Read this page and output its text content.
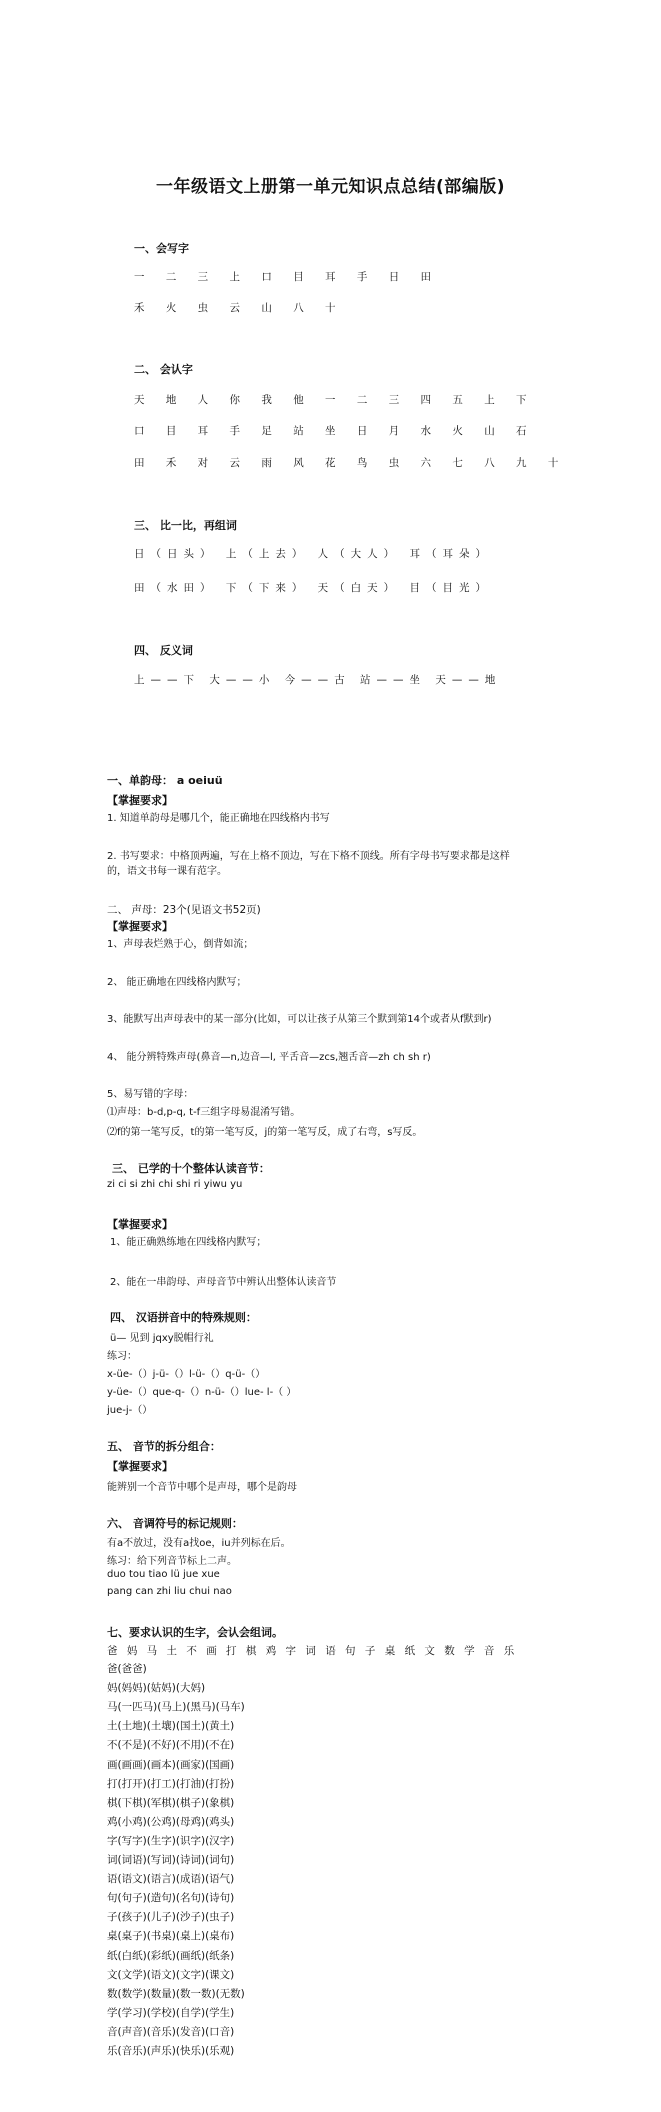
一年级语文上册第一单元知识点总结(部编版)
一、会写字
一 二 三 上 口 目 耳 手 日 田
禾 火 虫 云 山 八 十
二、 会认字
天 地 人 你 我 他 一 二 三 四 五 上 下
口 目 耳 手 足 站 坐 日 月 水 火 山 石
田 禾 对 云 雨 风 花 鸟 虫 六 七 八 九 十
三、 比一比，再组词
日（日头） 上（上去） 人（大人） 耳（耳朵）
田（水田） 下（下来） 天（白天） 目（目光）
四、 反义词
上——下 大——小 今——古 站——坐 天——地
一、单韵母： a oeiuü
【掌握要求】
1. 知道单韵母是哪几个，能正确地在四线格内书写
2. 书写要求：中格顶两遍，写在上格不顶边，写在下格不顶线。所有字母书写要求都是这样
的，语文书每一课有范字。
二、 声母：23个(见语文书52页)
【掌握要求】
1、声母表烂熟于心，倒背如流；
2、 能正确地在四线格内默写；
3、能默写出声母表中的某一部分(比如，可以让孩子从第三个默到第14个或者从f默到r)
4、 能分辨特殊声母(鼻音—n,边音—l, 平舌音—zcs,翘舌音—zh ch sh r)
5、易写错的字母：
⑴声母：b-d,p-q, t-f三组字母易混淆写错。
⑵f的第一笔写反，t的第一笔写反，j的第一笔写反，成了右弯，s写反。
三、 已学的十个整体认读音节：
zi ci si zhi chi shi ri yiwu yu
【掌握要求】
1、能正确熟练地在四线格内默写；
2、能在一串韵母、声母音节中辨认出整体认读音节
四、 汉语拼音中的特殊规则：
ü— 见到 jqxy脱帽行礼
练习：
x-üe-（）j-ü-（）l-ü-（）q-ü-（）
y-üe-（）que-q-（）n-ü-（）lue- l-（ ）
jue-j-（）
五、 音节的拆分组合：
【掌握要求】
能辨别一个音节中哪个是声母，哪个是韵母
六、 音调符号的标记规则：
有a不放过，没有a找oe，iu并列标在后。
练习：给下列音节标上二声。
duo tou tiao lü jue xue
pang can zhi liu chui nao
七、要求认识的生字，会认会组词。
爸 妈 马 土 不 画 打 棋 鸡 字 词 语 句 子 桌 纸 文 数 学 音 乐
爸(爸爸)
妈(妈妈)(姑妈)(大妈)
马(一匹马)(马上)(黑马)(马车)
土(土地)(土壤)(国土)(黄土)
不(不是)(不好)(不用)(不在)
画(画画)(画本)(画家)(国画)
打(打开)(打工)(打油)(打扮)
棋(下棋)(军棋)(棋子)(象棋)
鸡(小鸡)(公鸡)(母鸡)(鸡头)
字(写字)(生字)(识字)(汉字)
词(词语)(写词)(诗词)(词句)
语(语文)(语言)(成语)(语气)
句(句子)(造句)(名句)(诗句)
子(孩子)(儿子)(沙子)(虫子)
桌(桌子)(书桌)(桌上)(桌布)
纸(白纸)(彩纸)(画纸)(纸条)
文(文学)(语文)(文字)(课文)
数(数学)(数量)(数一数)(无数)
学(学习)(学校)(自学)(学生)
音(声音)(音乐)(发音)(口音)
乐(音乐)(声乐)(快乐)(乐观)
